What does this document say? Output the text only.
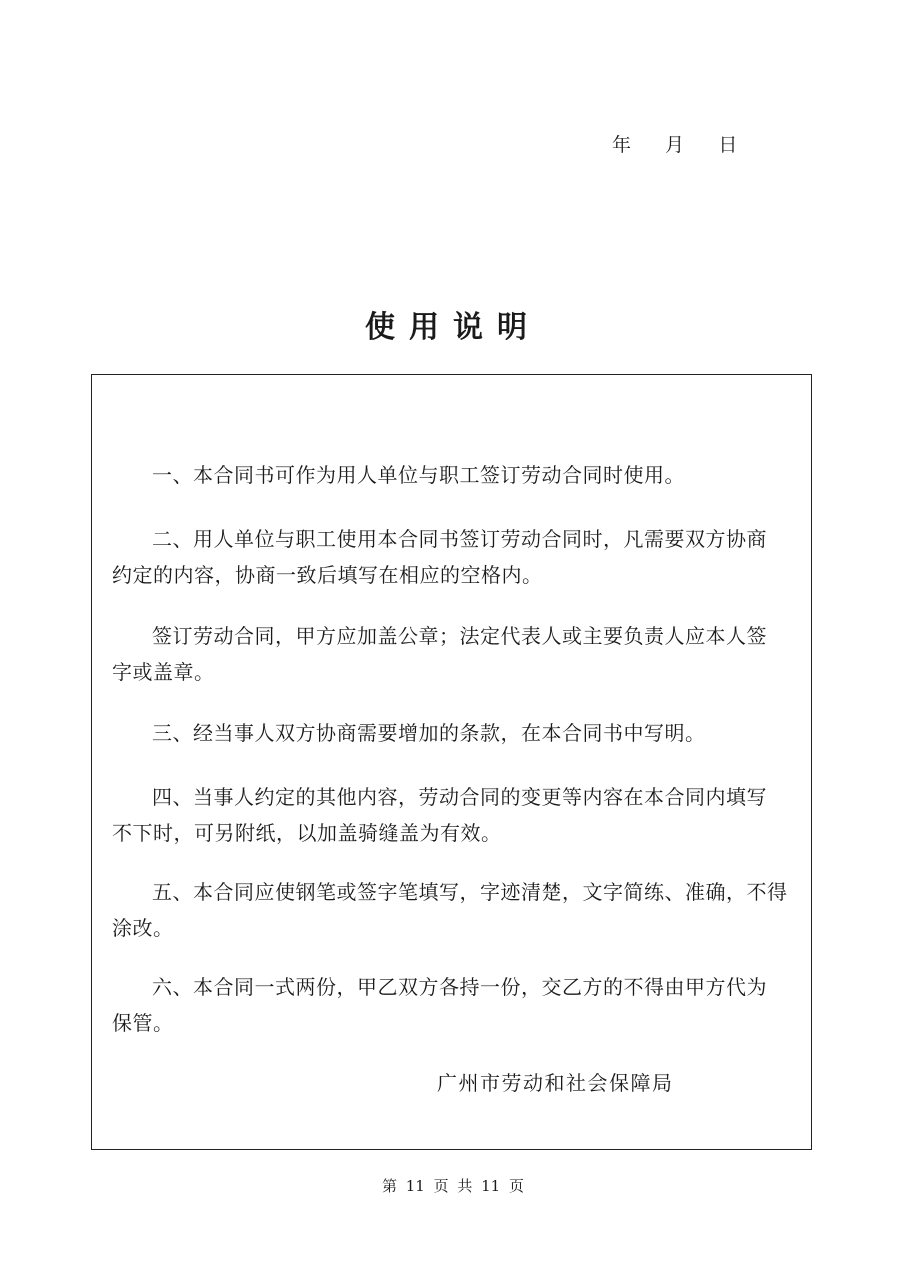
年    月    日
使用说明
一、本合同书可作为用人单位与职工签订劳动合同时使用。
二、用人单位与职工使用本合同书签订劳动合同时，凡需要双方协商
约定的内容，协商一致后填写在相应的空格内。
签订劳动合同，甲方应加盖公章；法定代表人或主要负责人应本人签
字或盖章。
三、经当事人双方协商需要增加的条款，在本合同书中写明。
四、当事人约定的其他内容，劳动合同的变更等内容在本合同内填写
不下时，可另附纸，以加盖骑缝盖为有效。
五、本合同应使钢笔或签字笔填写，字迹清楚，文字简练、准确，不得
涂改。
六、本合同一式两份，甲乙双方各持一份，交乙方的不得由甲方代为
保管。
广州市劳动和社会保障局
第 11 页 共 11 页
